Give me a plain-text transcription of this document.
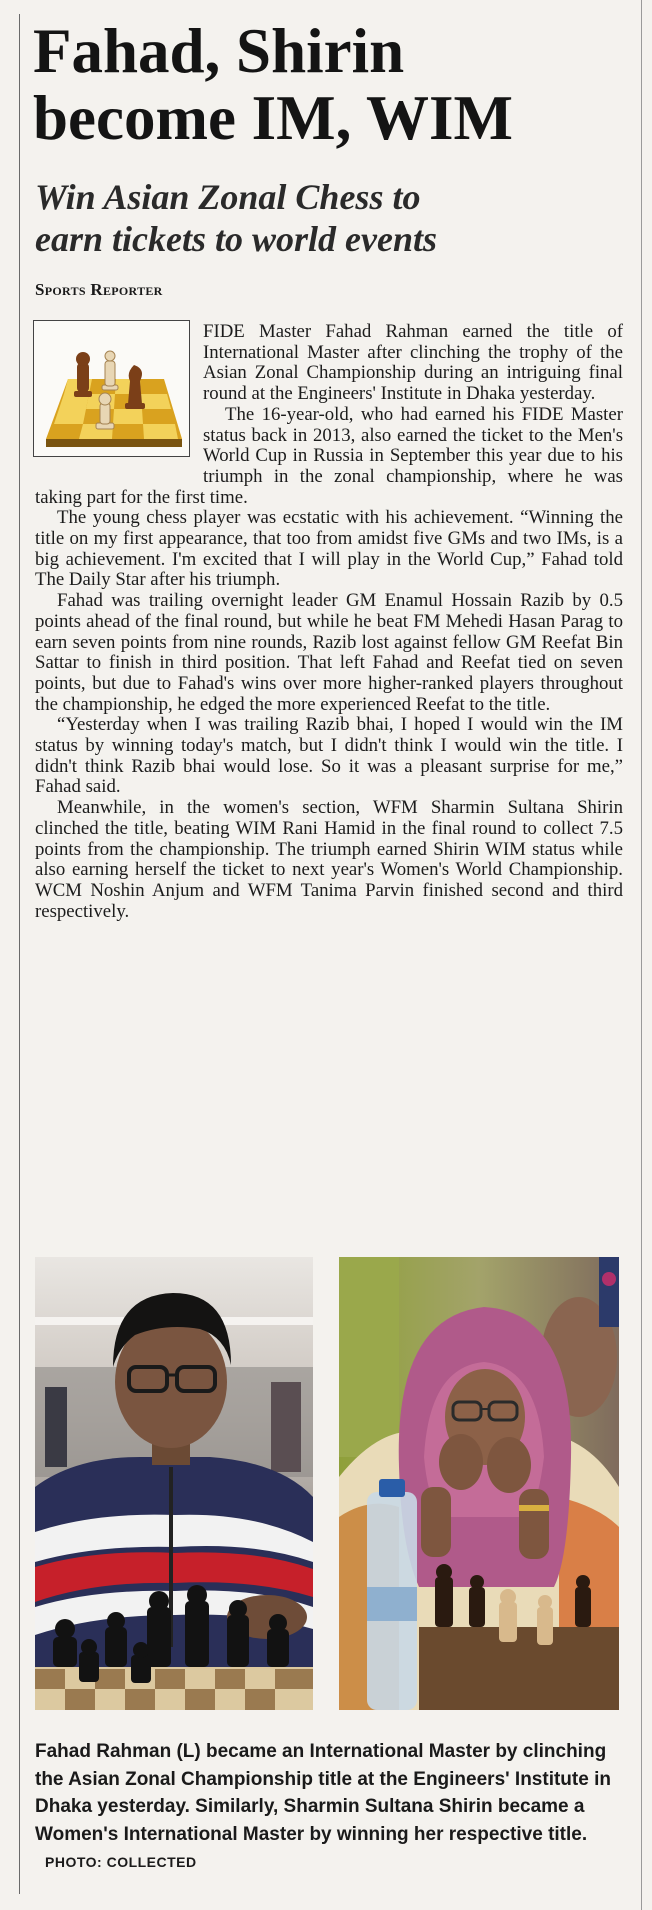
Fahad, Shirin
become IM, WIM
Win Asian Zonal Chess to
earn tickets to world events
Sports Reporter

FIDE Master Fahad Rahman earned the title of International Master after clinching the trophy of the Asian Zonal Championship during an intriguing final round at the Engineers' Institute in Dhaka yesterday.

The 16-year-old, who had earned his FIDE Master status back in 2013, also earned the ticket to the Men's World Cup in Russia in September this year due to his triumph in the zonal championship, where he was taking part for the first time.

The young chess player was ecstatic with his achievement. “Winning the title on my first appearance, that too from amidst five GMs and two IMs, is a big achievement. I'm excited that I will play in the World Cup,” Fahad told The Daily Star after his triumph.

Fahad was trailing overnight leader GM Enamul Hossain Razib by 0.5 points ahead of the final round, but while he beat FM Mehedi Hasan Parag to earn seven points from nine rounds, Razib lost against fellow GM Reefat Bin Sattar to finish in third position. That left Fahad and Reefat tied on seven points, but due to Fahad's wins over more higher-ranked players throughout the championship, he edged the more experienced Reefat to the title.

“Yesterday when I was trailing Razib bhai, I hoped I would win the IM status by winning today's match, but I didn't think I would win the title. I didn't think Razib bhai would lose. So it was a pleasant surprise for me,” Fahad said.

Meanwhile, in the women's section, WFM Sharmin Sultana Shirin clinched the title, beating WIM Rani Hamid in the final round to collect 7.5 points from the championship. The triumph earned Shirin WIM status while also earning herself the ticket to next year's Women's World Championship. WCM Noshin Anjum and WFM Tanima Parvin finished second and third respectively.

Fahad Rahman (L) became an International Master by clinching the Asian Zonal Championship title at the Engineers' Institute in Dhaka yesterday. Similarly, Sharmin Sultana Shirin became a Women's International Master by winning her respective title. PHOTO: COLLECTED
